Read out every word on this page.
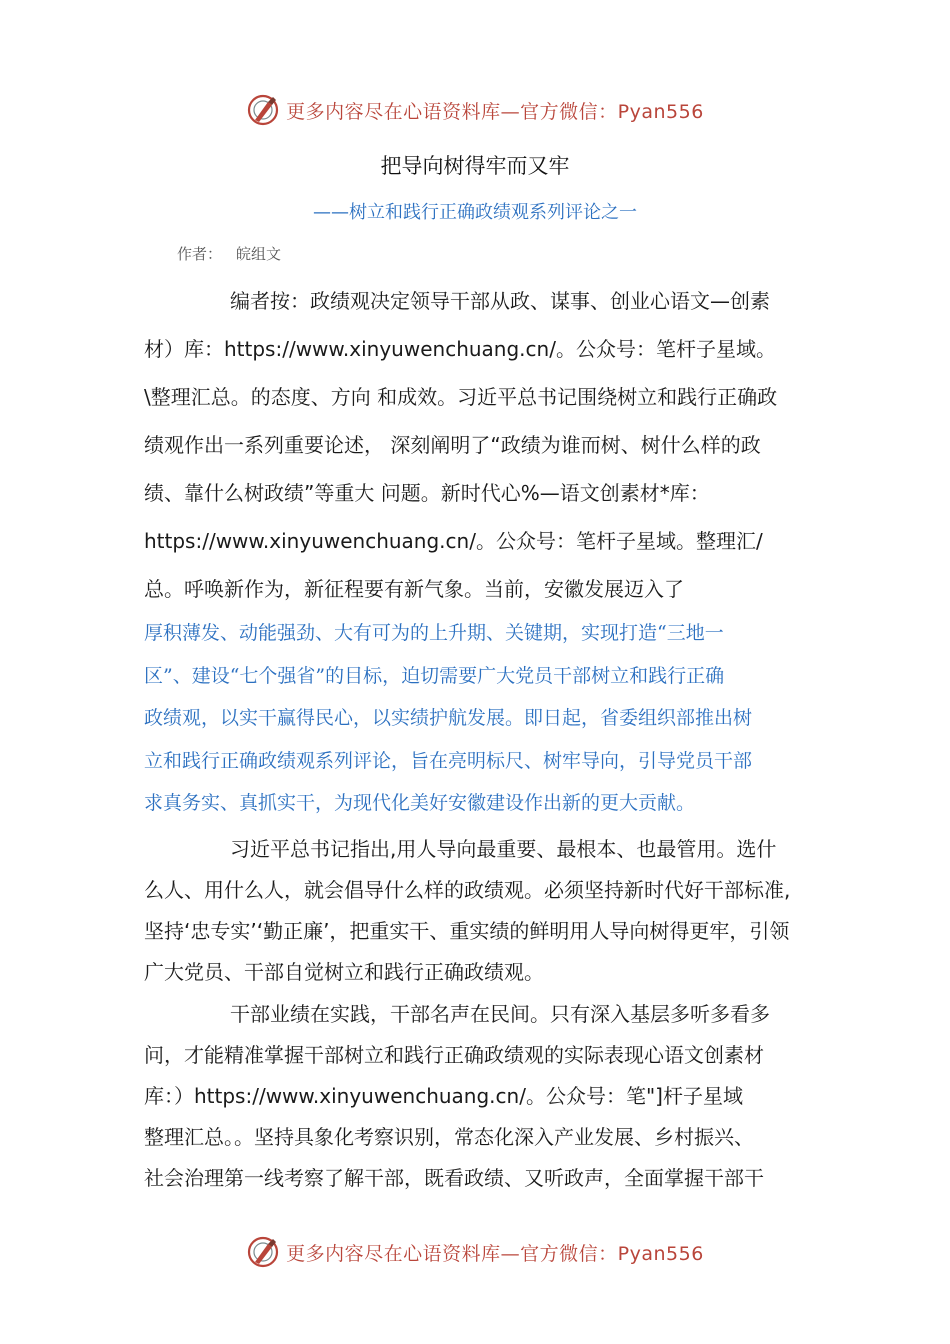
更多内容尽在心语资料库—官方微信：Pyan556
把导向树得牢而又牢
——树立和践行正确政绩观系列评论之一
作者： 皖组文
编者按：政绩观决定领导干部从政、谋事、创业心语文—创素
材）库：https://www.xinyuwenchuang.cn/。公众号：笔杆子星域。
\整理汇总。的态度、方向 和成效。习近平总书记围绕树立和践行正确政
绩观作出一系列重要论述， 深刻阐明了“政绩为谁而树、树什么样的政
绩、靠什么树政绩”等重大 问题。新时代心%—语文创素材*库：
https://www.xinyuwenchuang.cn/。公众号：笔杆子星域。整理汇/
总。呼唤新作为，新征程要有新气象。当前，安徽发展迈入了
厚积薄发、动能强劲、大有可为的上升期、关键期，实现打造“三地一
区”、建设“七个强省”的目标，迫切需要广大党员干部树立和践行正确
政绩观，以实干赢得民心，以实绩护航发展。即日起，省委组织部推出树
立和践行正确政绩观系列评论，旨在亮明标尺、树牢导向，引导党员干部
求真务实、真抓实干，为现代化美好安徽建设作出新的更大贡献。
习近平总书记指出,用人导向最重要、最根本、也最管用。选什
么人、用什么人，就会倡导什么样的政绩观。必须坚持新时代好干部标准,
坚持‘忠专实’‘勤正廉’，把重实干、重实绩的鲜明用人导向树得更牢，引领
广大党员、干部自觉树立和践行正确政绩观。
干部业绩在实践，干部名声在民间。只有深入基层多听多看多
问，才能精准掌握干部树立和践行正确政绩观的实际表现心语文创素材
库：）https://www.xinyuwenchuang.cn/。公众号：笔"]杆子星域
整理汇总。。坚持具象化考察识别，常态化深入产业发展、乡村振兴、
社会治理第一线考察了解干部，既看政绩、又听政声，全面掌握干部干
更多内容尽在心语资料库—官方微信：Pyan556
